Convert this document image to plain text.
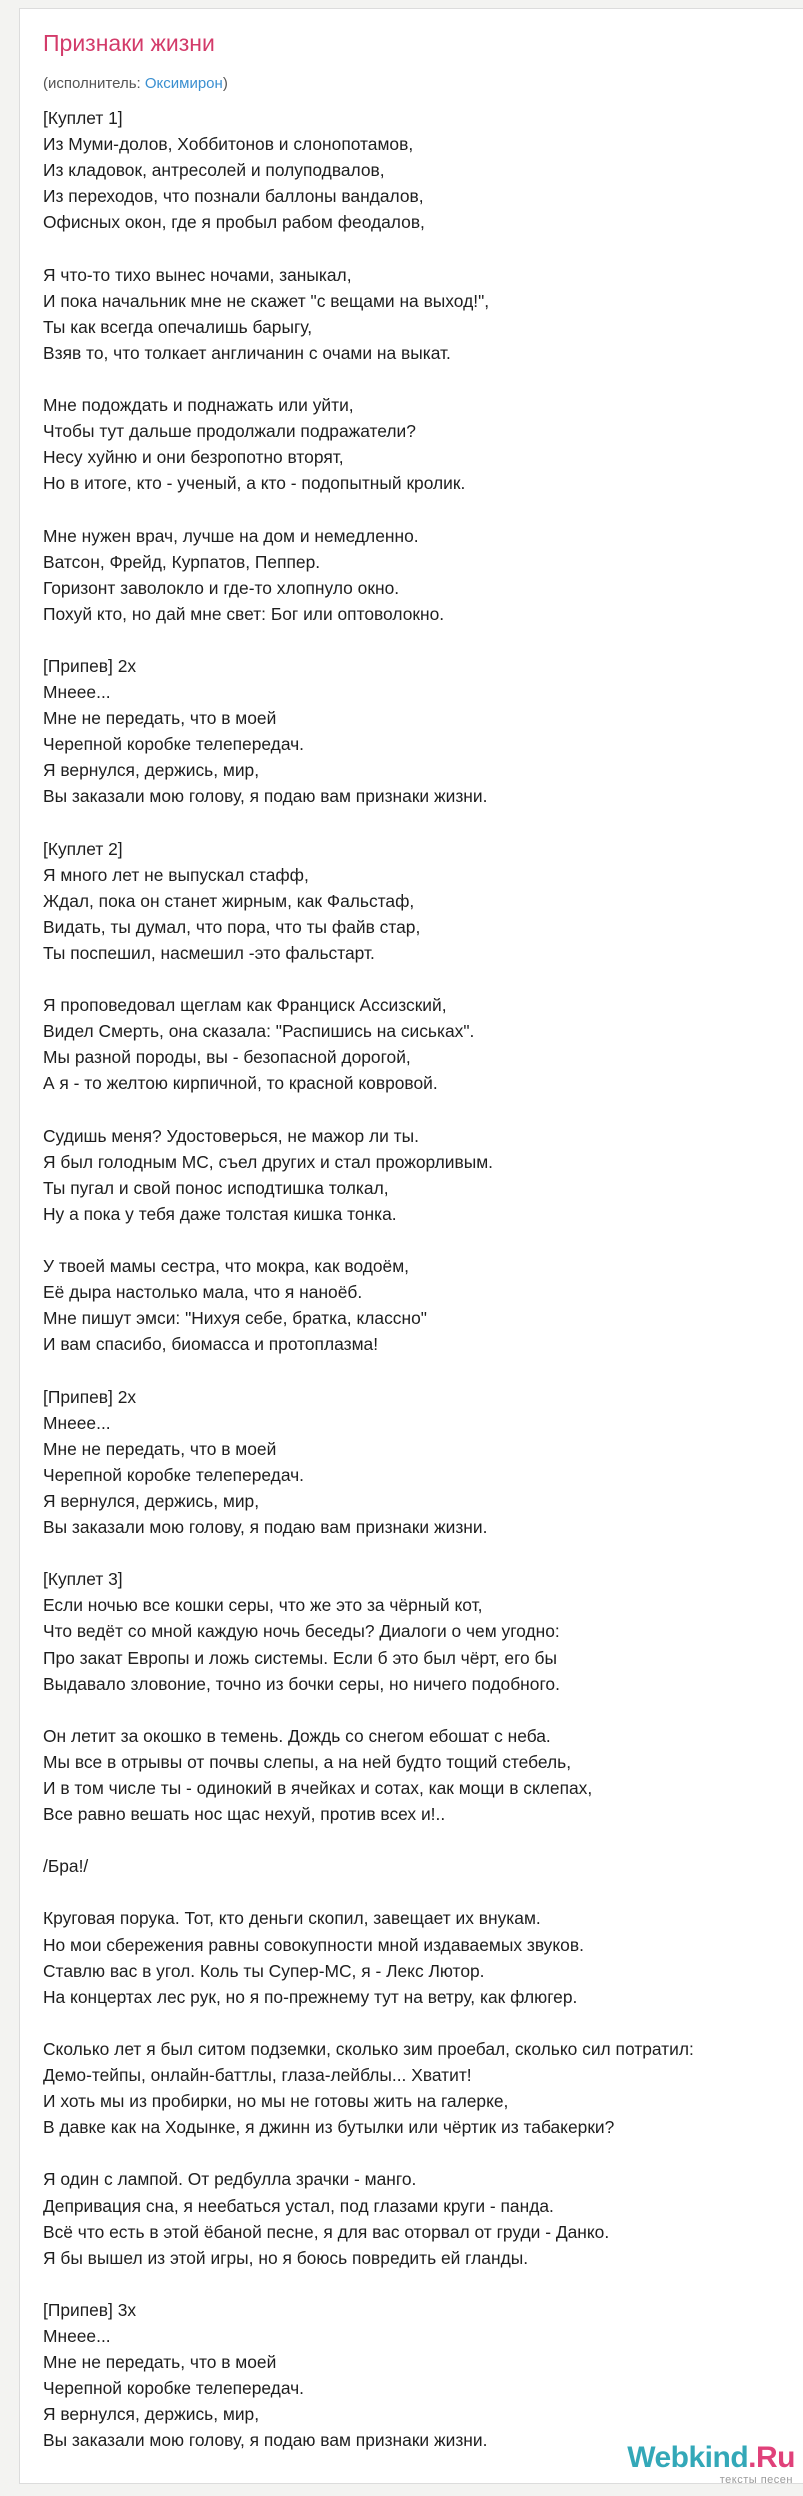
Признаки жизни
(исполнитель: Оксимирон)
[Куплет 1]
Из Муми-долов, Хоббитонов и слонопотамов,
Из кладовок, антресолей и полуподвалов,
Из переходов, что познали баллоны вандалов,
Офисных окон, где я пробыл рабом феодалов,
Я что-то тихо вынес ночами, заныкал,
И пока начальник мне не скажет "с вещами на выход!",
Ты как всегда опечалишь барыгу,
Взяв то, что толкает англичанин с очами на выкат.
Мне подождать и поднажать или уйти,
Чтобы тут дальше продолжали подражатели?
Несу хуйню и они безропотно вторят,
Но в итоге, кто - ученый, а кто - подопытный кролик.
Мне нужен врач, лучше на дом и немедленно.
Ватсон, Фрейд, Курпатов, Пеппер.
Горизонт заволокло и где-то хлопнуло окно.
Похуй кто, но дай мне свет: Бог или оптоволокно.
[Припев] 2x
Мнеее...
Мне не передать, что в моей
Черепной коробке телепередач.
Я вернулся, держись, мир,
Вы заказали мою голову, я подаю вам признаки жизни.
[Куплет 2]
Я много лет не выпускал стафф,
Ждал, пока он станет жирным, как Фальстаф,
Видать, ты думал, что пора, что ты файв стар,
Ты поспешил, насмешил -это фальстарт.
Я проповедовал щеглам как Франциск Ассизский,
Видел Смерть, она сказала: "Распишись на сиськах".
Мы разной породы, вы - безопасной дорогой,
А я - то желтою кирпичной, то красной ковровой.
Судишь меня? Удостоверься, не мажор ли ты.
Я был голодным МС, съел других и стал прожорливым.
Ты пугал и свой понос исподтишка толкал,
Ну а пока у тебя даже толстая кишка тонка.
У твоей мамы сестра, что мокра, как водоём,
Её дыра настолько мала, что я наноёб.
Мне пишут эмси: "Нихуя себе, братка, классно"
И вам спасибо, биомасса и протоплазма!
[Припев] 2x
Мнеее...
Мне не передать, что в моей
Черепной коробке телепередач.
Я вернулся, держись, мир,
Вы заказали мою голову, я подаю вам признаки жизни.
[Куплет 3]
Если ночью все кошки серы, что же это за чёрный кот,
Что ведёт со мной каждую ночь беседы? Диалоги о чем угодно:
Про закат Европы и ложь системы. Если б это был чёрт, его бы
Выдавало зловоние, точно из бочки серы, но ничего подобного.
Он летит за окошко в темень. Дождь со снегом ебошат с неба.
Мы все в отрывы от почвы слепы, а на ней будто тощий стебель,
И в том числе ты - одинокий в ячейках и сотах, как мощи в склепах,
Все равно вешать нос щас нехуй, против всех и!..
/Бра!/
Круговая порука. Тот, кто деньги скопил, завещает их внукам.
Но мои сбережения равны совокупности мной издаваемых звуков.
Ставлю вас в угол. Коль ты Супер-МС, я - Лекс Лютор.
На концертах лес рук, но я по-прежнему тут на ветру, как флюгер.
Сколько лет я был ситом подземки, сколько зим проебал, сколько сил потратил:
Демо-тейпы, онлайн-баттлы, глаза-лейблы... Хватит!
И хоть мы из пробирки, но мы не готовы жить на галерке,
В давке как на Ходынке, я джинн из бутылки или чёртик из табакерки?
Я один с лампой. От редбулла зрачки - манго.
Депривация сна, я неебаться устал, под глазами круги - панда.
Всё что есть в этой ёбаной песне, я для вас оторвал от груди - Данко.
Я бы вышел из этой игры, но я боюсь повредить ей гланды.
[Припев] 3x
Мнеее...
Мне не передать, что в моей
Черепной коробке телепередач.
Я вернулся, держись, мир,
Вы заказали мою голову, я подаю вам признаки жизни.
Webkind.Ru
тексты песен
